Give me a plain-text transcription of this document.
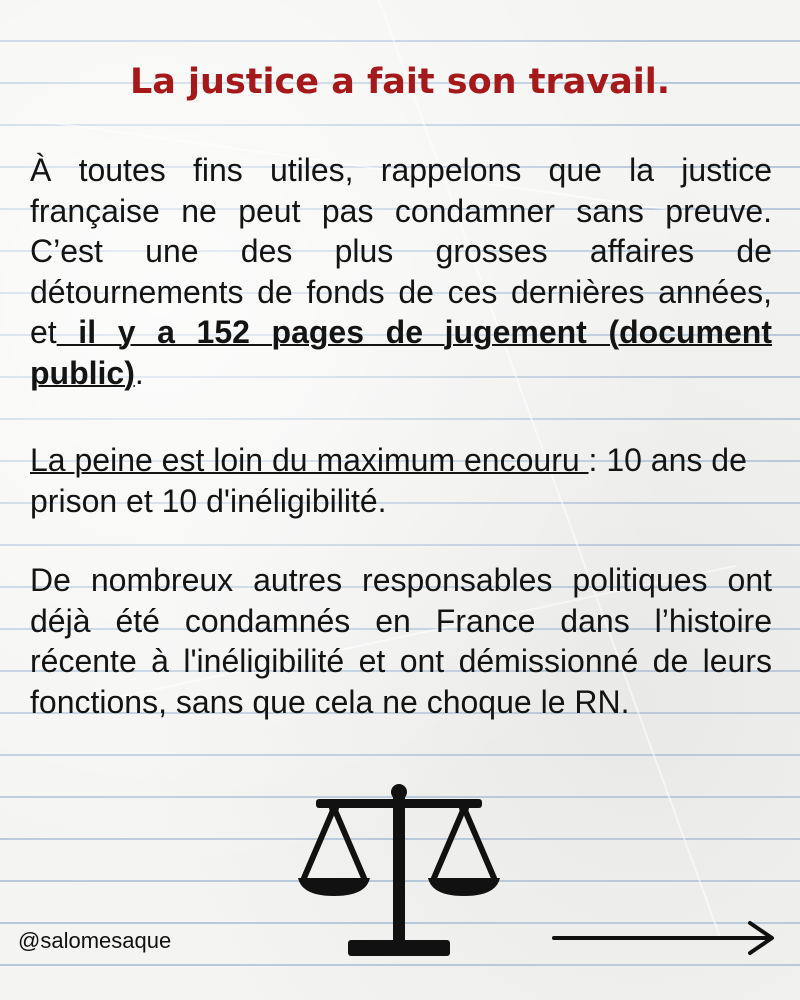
La justice a fait son travail.

À toutes fins utiles, rappelons que la justice française ne peut pas condamner sans preuve. C’est une des plus grosses affaires de détournements de fonds de ces dernières années, et il y a 152 pages de jugement (document public).

La peine est loin du maximum encouru : 10 ans de prison et 10 d'inéligibilité.

De nombreux autres responsables politiques ont déjà été condamnés en France dans l’histoire récente à l'inéligibilité et ont démissionné de leurs fonctions, sans que cela ne choque le RN.

@salomesaque
